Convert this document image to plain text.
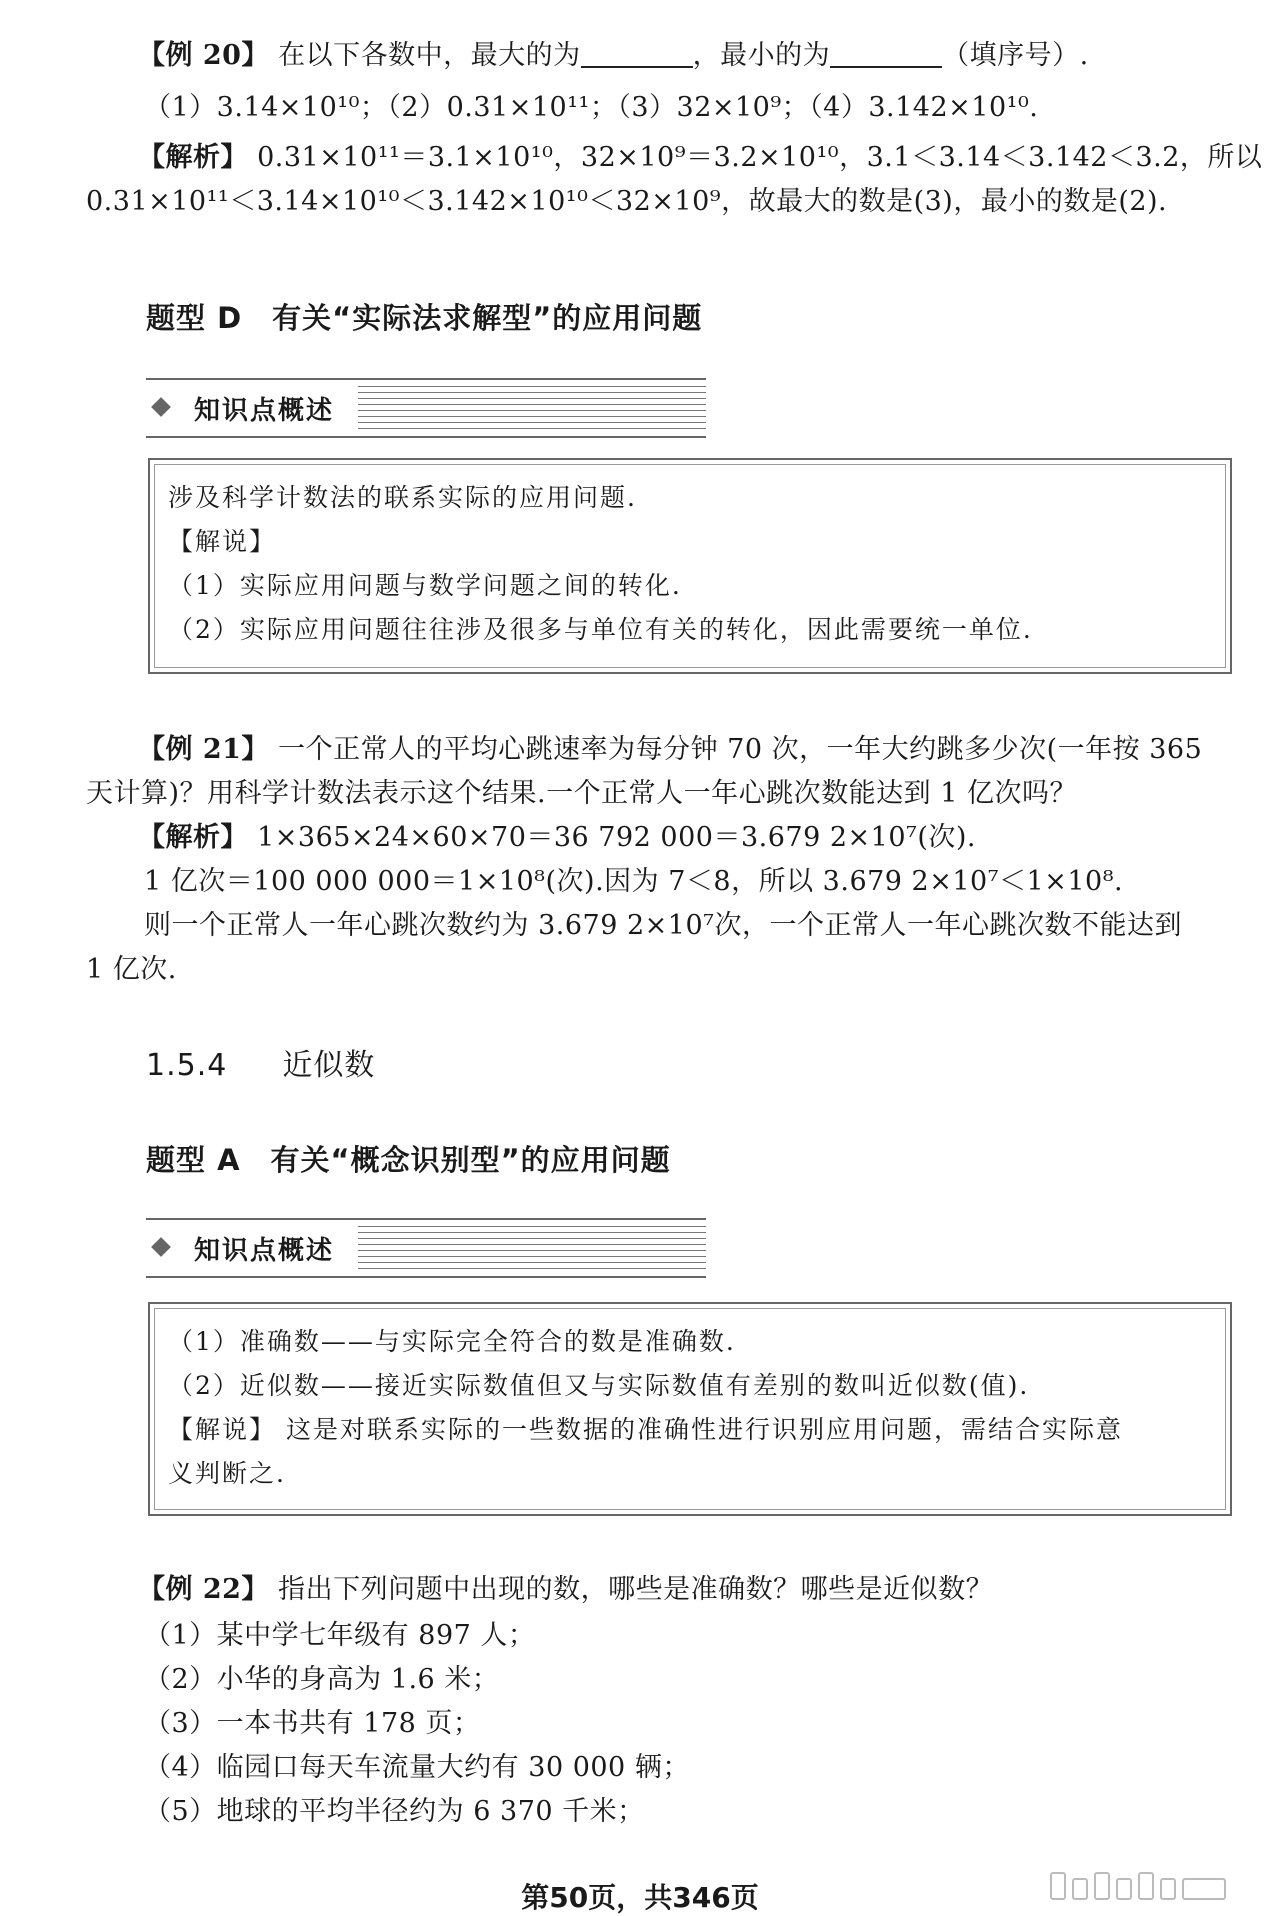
【例 20】 在以下各数中，最大的为	，最小的为	（填序号）.
（1）3.14×10¹⁰；（2）0.31×10¹¹；（3）32×10⁹；（4）3.142×10¹⁰.
【解析】 0.31×10¹¹＝3.1×10¹⁰，32×10⁹＝3.2×10¹⁰，3.1＜3.14＜3.142＜3.2，所以
0.31×10¹¹＜3.14×10¹⁰＜3.142×10¹⁰＜32×10⁹，故最大的数是(3)，最小的数是(2).
题型 D　有关“实际法求解型”的应用问题
知识点概述
涉及科学计数法的联系实际的应用问题.
【解说】
（1）实际应用问题与数学问题之间的转化.
（2）实际应用问题往往涉及很多与单位有关的转化，因此需要统一单位.
【例 21】 一个正常人的平均心跳速率为每分钟 70 次，一年大约跳多少次(一年按 365
天计算)？用科学计数法表示这个结果.一个正常人一年心跳次数能达到 1 亿次吗？
【解析】 1×365×24×60×70＝36 792 000＝3.679 2×10⁷(次).
1 亿次＝100 000 000＝1×10⁸(次).因为 7＜8，所以 3.679 2×10⁷＜1×10⁸.
则一个正常人一年心跳次数约为 3.679 2×10⁷次，一个正常人一年心跳次数不能达到
1 亿次.
1.5.4 近似数
题型 A　有关“概念识别型”的应用问题
知识点概述
（1）准确数——与实际完全符合的数是准确数.
（2）近似数——接近实际数值但又与实际数值有差别的数叫近似数(值).
【解说】 这是对联系实际的一些数据的准确性进行识别应用问题，需结合实际意
义判断之.
【例 22】 指出下列问题中出现的数，哪些是准确数？哪些是近似数？
（1）某中学七年级有 897 人；
（2）小华的身高为 1.6 米；
（3）一本书共有 178 页；
（4）临园口每天车流量大约有 30 000 辆；
（5）地球的平均半径约为 6 370 千米；
第50页，共346页
